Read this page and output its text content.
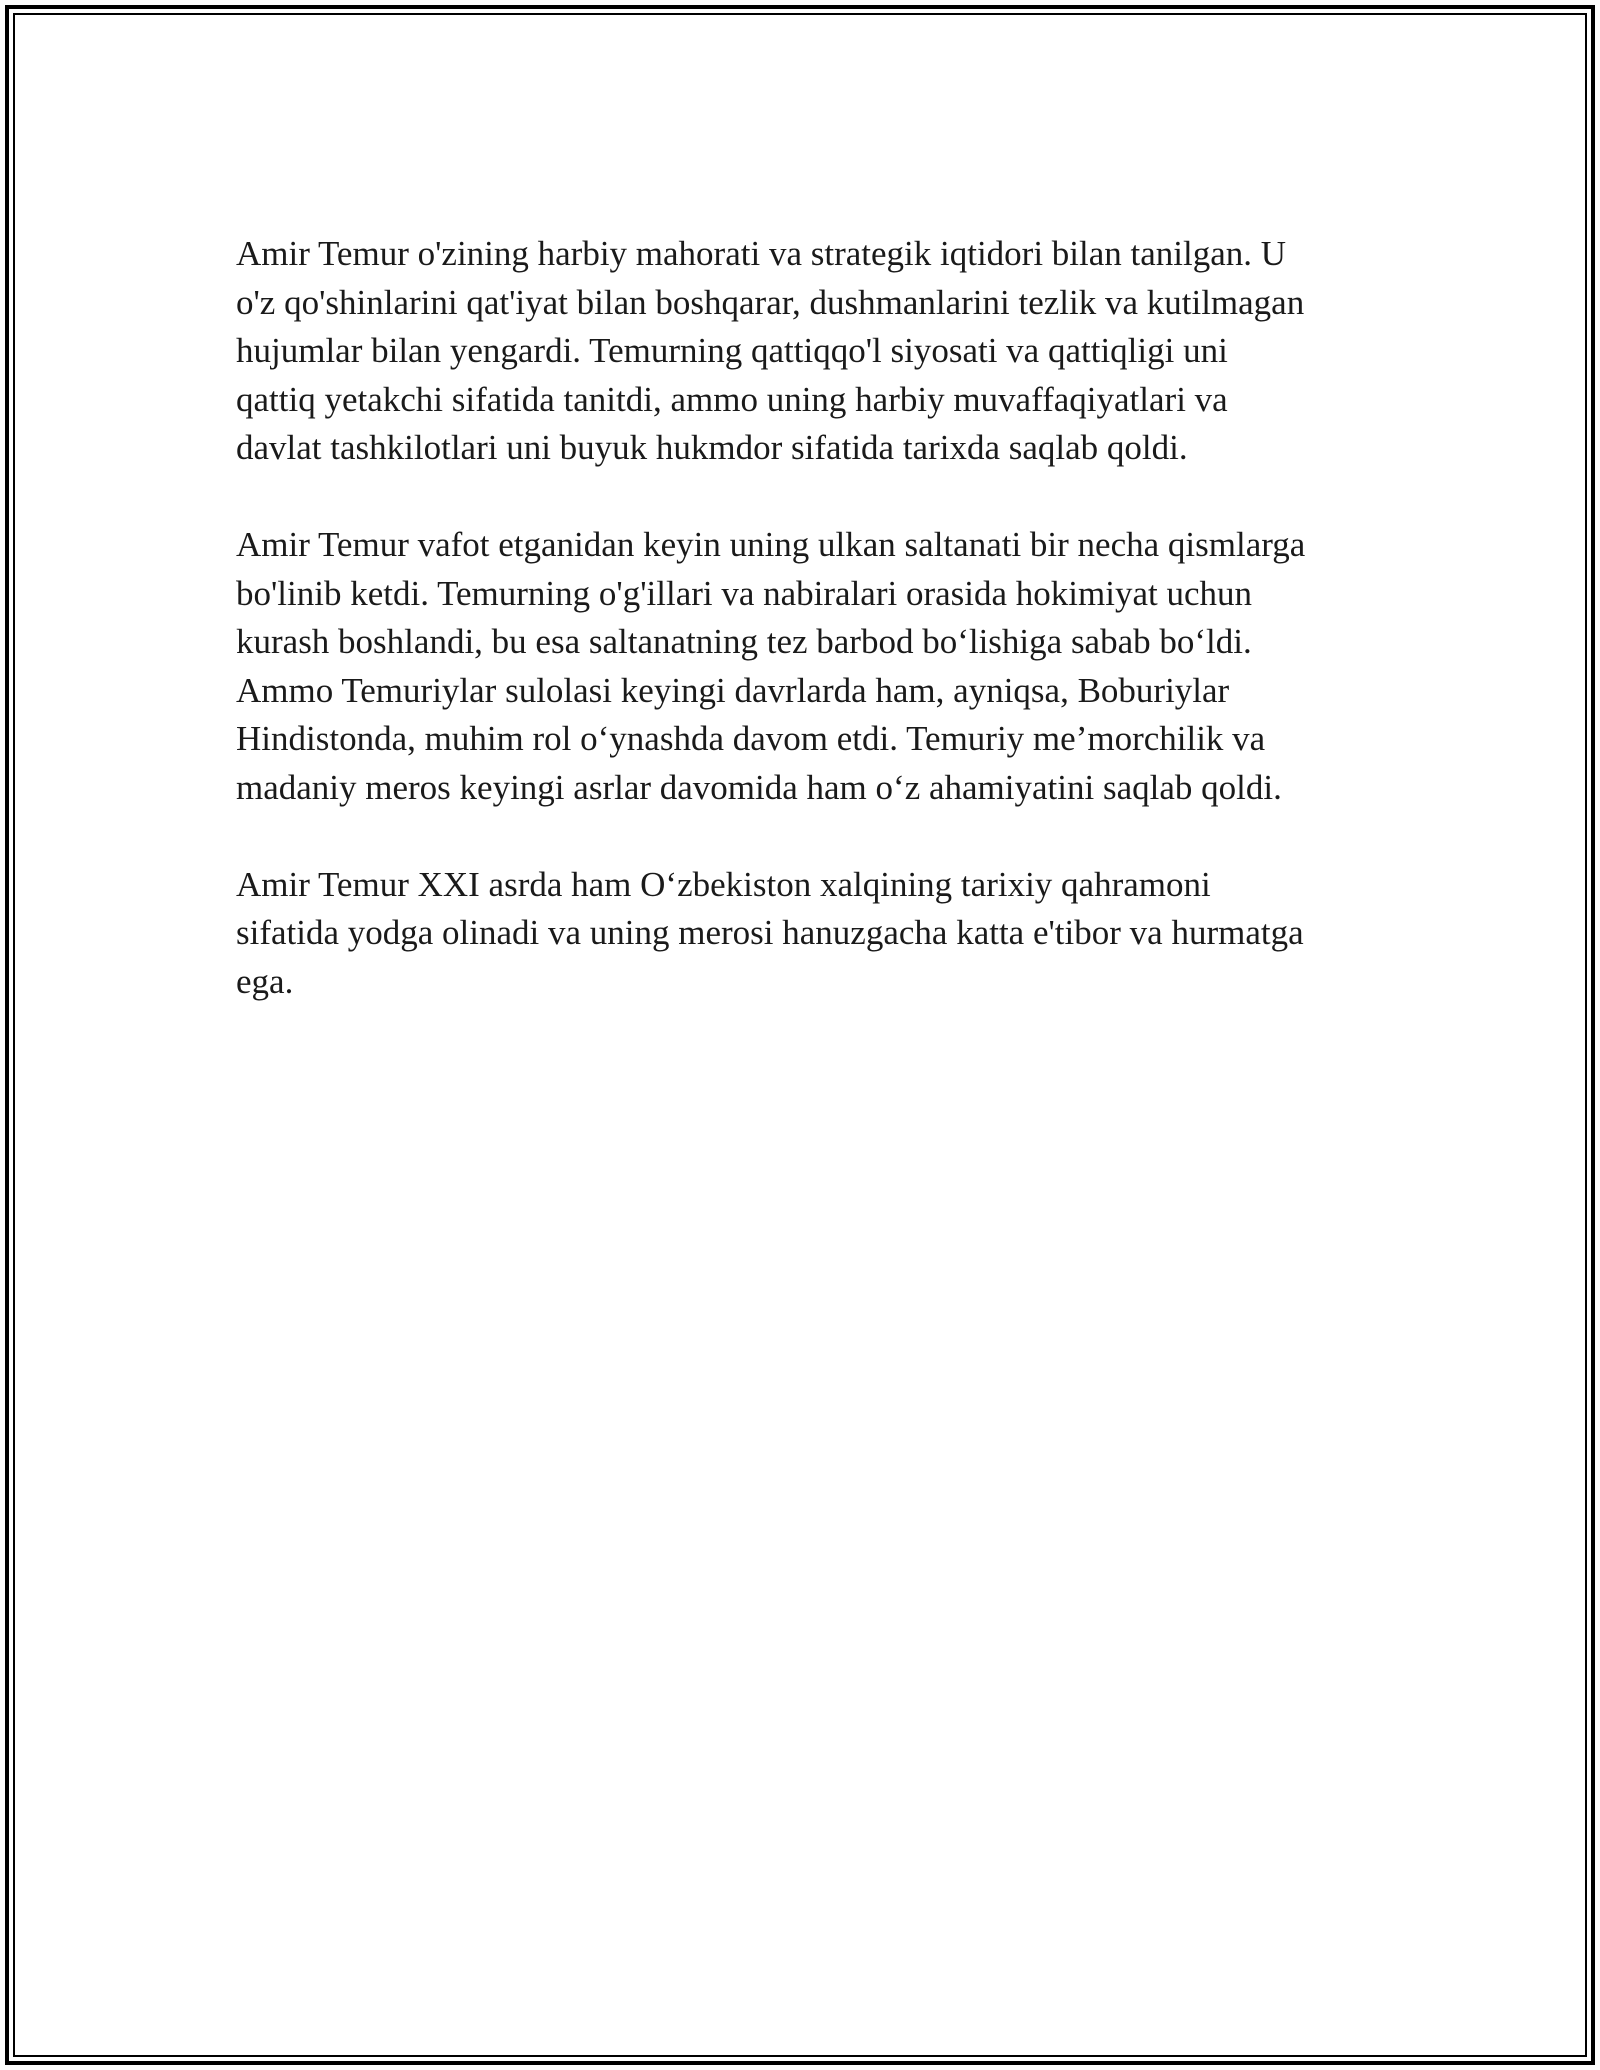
Amir Temur o'zining harbiy mahorati va strategik iqtidori bilan tanilgan. U
o'z qo'shinlarini qat'iyat bilan boshqarar, dushmanlarini tezlik va kutilmagan
hujumlar bilan yengardi. Temurning qattiqqo'l siyosati va qattiqligi uni
qattiq yetakchi sifatida tanitdi, ammo uning harbiy muvaffaqiyatlari va
davlat tashkilotlari uni buyuk hukmdor sifatida tarixda saqlab qoldi.

Amir Temur vafot etganidan keyin uning ulkan saltanati bir necha qismlarga
bo'linib ketdi. Temurning o'g'illari va nabiralari orasida hokimiyat uchun
kurash boshlandi, bu esa saltanatning tez barbod bo‘lishiga sabab bo‘ldi.
Ammo Temuriylar sulolasi keyingi davrlarda ham, ayniqsa, Boburiylar
Hindistonda, muhim rol o‘ynashda davom etdi. Temuriy me’morchilik va
madaniy meros keyingi asrlar davomida ham o‘z ahamiyatini saqlab qoldi.

Amir Temur XXI asrda ham O‘zbekiston xalqining tarixiy qahramoni
sifatida yodga olinadi va uning merosi hanuzgacha katta e'tibor va hurmatga
ega.
